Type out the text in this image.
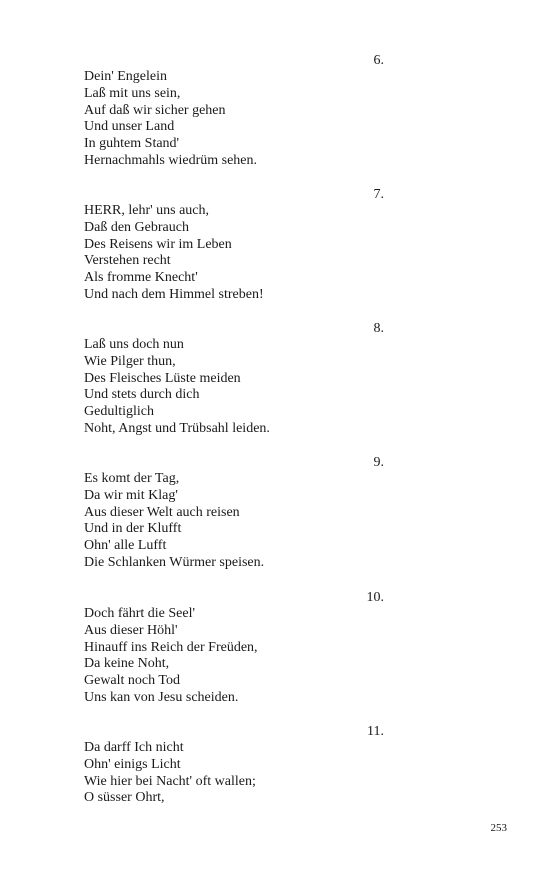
6.
Dein' Engelein
Laß mit uns sein,
Auf daß wir sicher gehen
Und unser Land
In guhtem Stand'
Hernachmahls wiedrüm sehen.
7.
HERR, lehr' uns auch,
Daß den Gebrauch
Des Reisens wir im Leben
Verstehen recht
Als fromme Knecht'
Und nach dem Himmel streben!
8.
Laß uns doch nun
Wie Pilger thun,
Des Fleisches Lüste meiden
Und stets durch dich
Gedultiglich
Noht, Angst und Trübsahl leiden.
9.
Es komt der Tag,
Da wir mit Klag'
Aus dieser Welt auch reisen
Und in der Klufft
Ohn' alle Lufft
Die Schlanken Würmer speisen.
10.
Doch fährt die Seel'
Aus dieser Höhl'
Hinauff ins Reich der Freüden,
Da keine Noht,
Gewalt noch Tod
Uns kan von Jesu scheiden.
11.
Da darff Ich nicht
Ohn' einigs Licht
Wie hier bei Nacht' oft wallen;
O süsser Ohrt,
253
